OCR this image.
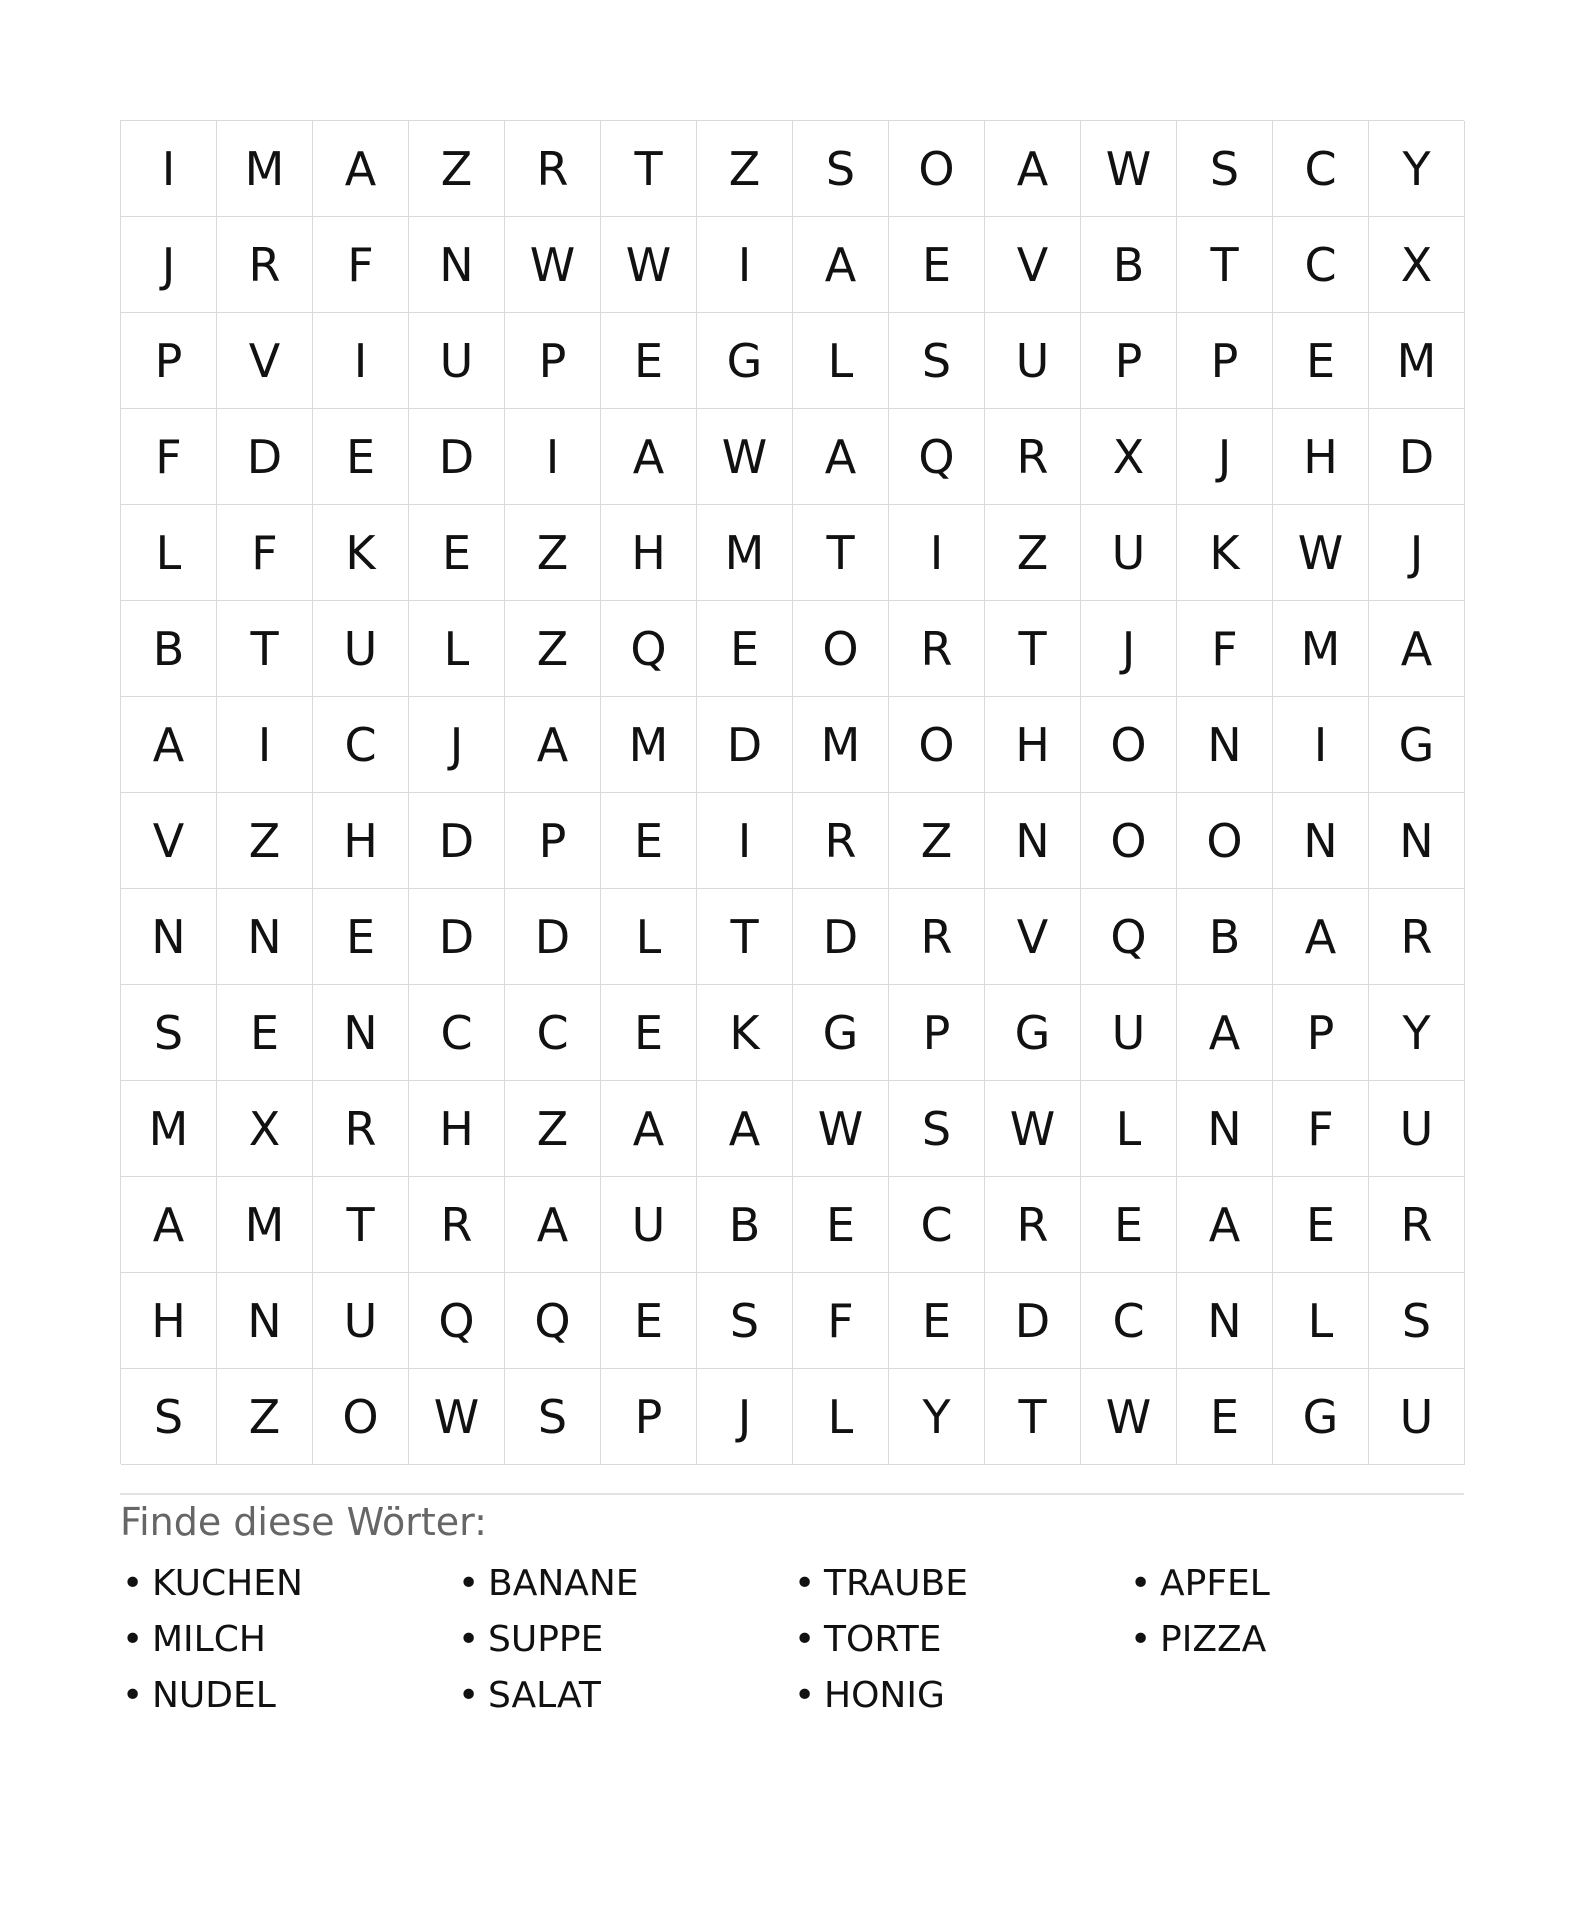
I	M	A	Z	R	T	Z	S	O	A	W	S	C	Y
J	R	F	N	W	W	I	A	E	V	B	T	C	X
P	V	I	U	P	E	G	L	S	U	P	P	E	M
F	D	E	D	I	A	W	A	Q	R	X	J	H	D
L	F	K	E	Z	H	M	T	I	Z	U	K	W	J
B	T	U	L	Z	Q	E	O	R	T	J	F	M	A
A	I	C	J	A	M	D	M	O	H	O	N	I	G
V	Z	H	D	P	E	I	R	Z	N	O	O	N	N
N	N	E	D	D	L	T	D	R	V	Q	B	A	R
S	E	N	C	C	E	K	G	P	G	U	A	P	Y
M	X	R	H	Z	A	A	W	S	W	L	N	F	U
A	M	T	R	A	U	B	E	C	R	E	A	E	R
H	N	U	Q	Q	E	S	F	E	D	C	N	L	S
S	Z	O	W	S	P	J	L	Y	T	W	E	G	U
Finde diese Wörter:
• KUCHEN	• BANANE	• TRAUBE	• APFEL
• MILCH	• SUPPE	• TORTE	• PIZZA
• NUDEL	• SALAT	• HONIG
